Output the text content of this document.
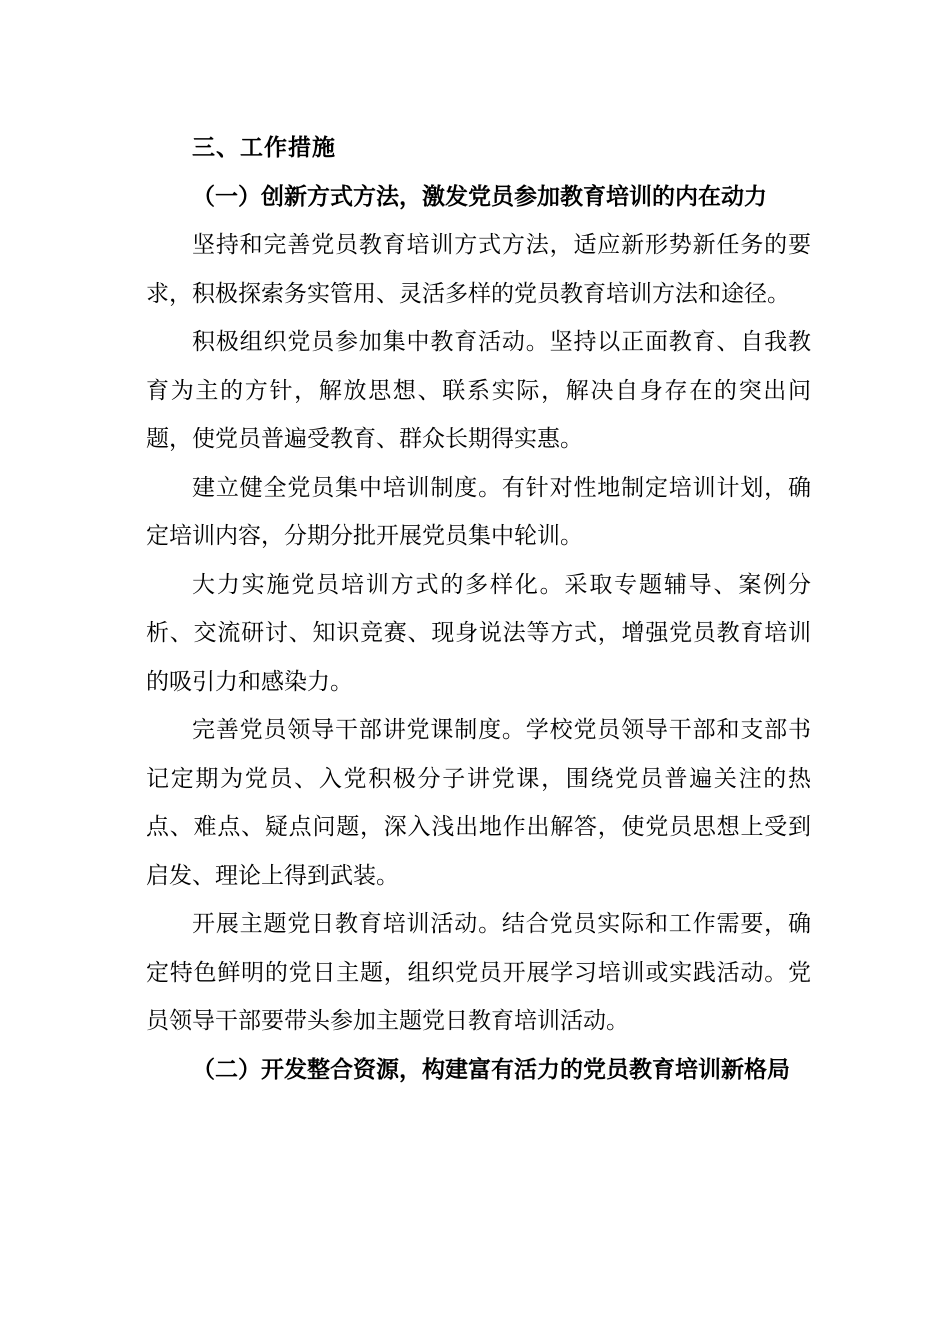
三、工作措施

（一）创新方式方法，激发党员参加教育培训的内在动力

坚持和完善党员教育培训方式方法，适应新形势新任务的要求，积极探索务实管用、灵活多样的党员教育培训方法和途径。

积极组织党员参加集中教育活动。坚持以正面教育、自我教育为主的方针，解放思想、联系实际，解决自身存在的突出问题，使党员普遍受教育、群众长期得实惠。

建立健全党员集中培训制度。有针对性地制定培训计划，确定培训内容，分期分批开展党员集中轮训。

大力实施党员培训方式的多样化。采取专题辅导、案例分析、交流研讨、知识竞赛、现身说法等方式，增强党员教育培训的吸引力和感染力。

完善党员领导干部讲党课制度。学校党员领导干部和支部书记定期为党员、入党积极分子讲党课，围绕党员普遍关注的热点、难点、疑点问题，深入浅出地作出解答，使党员思想上受到启发、理论上得到武装。

开展主题党日教育培训活动。结合党员实际和工作需要，确定特色鲜明的党日主题，组织党员开展学习培训或实践活动。党员领导干部要带头参加主题党日教育培训活动。

（二）开发整合资源，构建富有活力的党员教育培训新格局
